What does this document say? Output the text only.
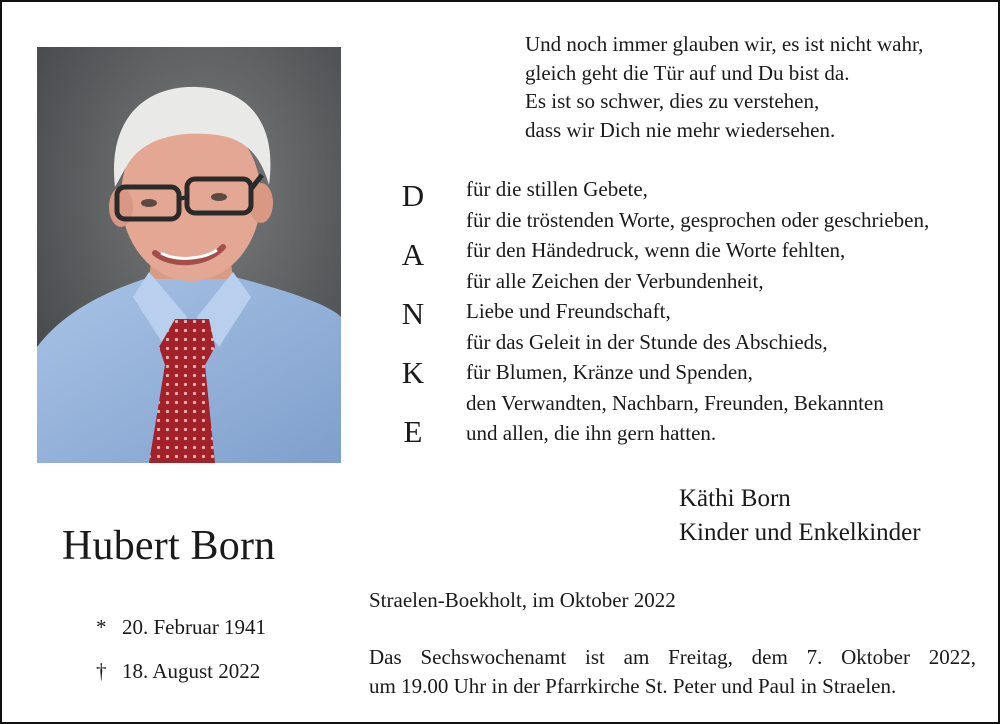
Und noch immer glauben wir, es ist nicht wahr,
gleich geht die Tür auf und Du bist da.
Es ist so schwer, dies zu verstehen,
dass wir Dich nie mehr wiedersehen.
D
A
N
K
E
für die stillen Gebete,
für die tröstenden Worte, gesprochen oder geschrieben,
für den Händedruck, wenn die Worte fehlten,
für alle Zeichen der Verbundenheit,
Liebe und Freundschaft,
für das Geleit in der Stunde des Abschieds,
für Blumen, Kränze und Spenden,
den Verwandten, Nachbarn, Freunden, Bekannten
und allen, die ihn gern hatten.
Käthi Born
Kinder und Enkelkinder
Hubert Born
* 20. Februar 1941
† 18. August 2022
Straelen-Boekholt, im Oktober 2022
Das Sechswochenamt ist am Freitag, dem 7. Oktober 2022,
um 19.00 Uhr in der Pfarrkirche St. Peter und Paul in Straelen.
